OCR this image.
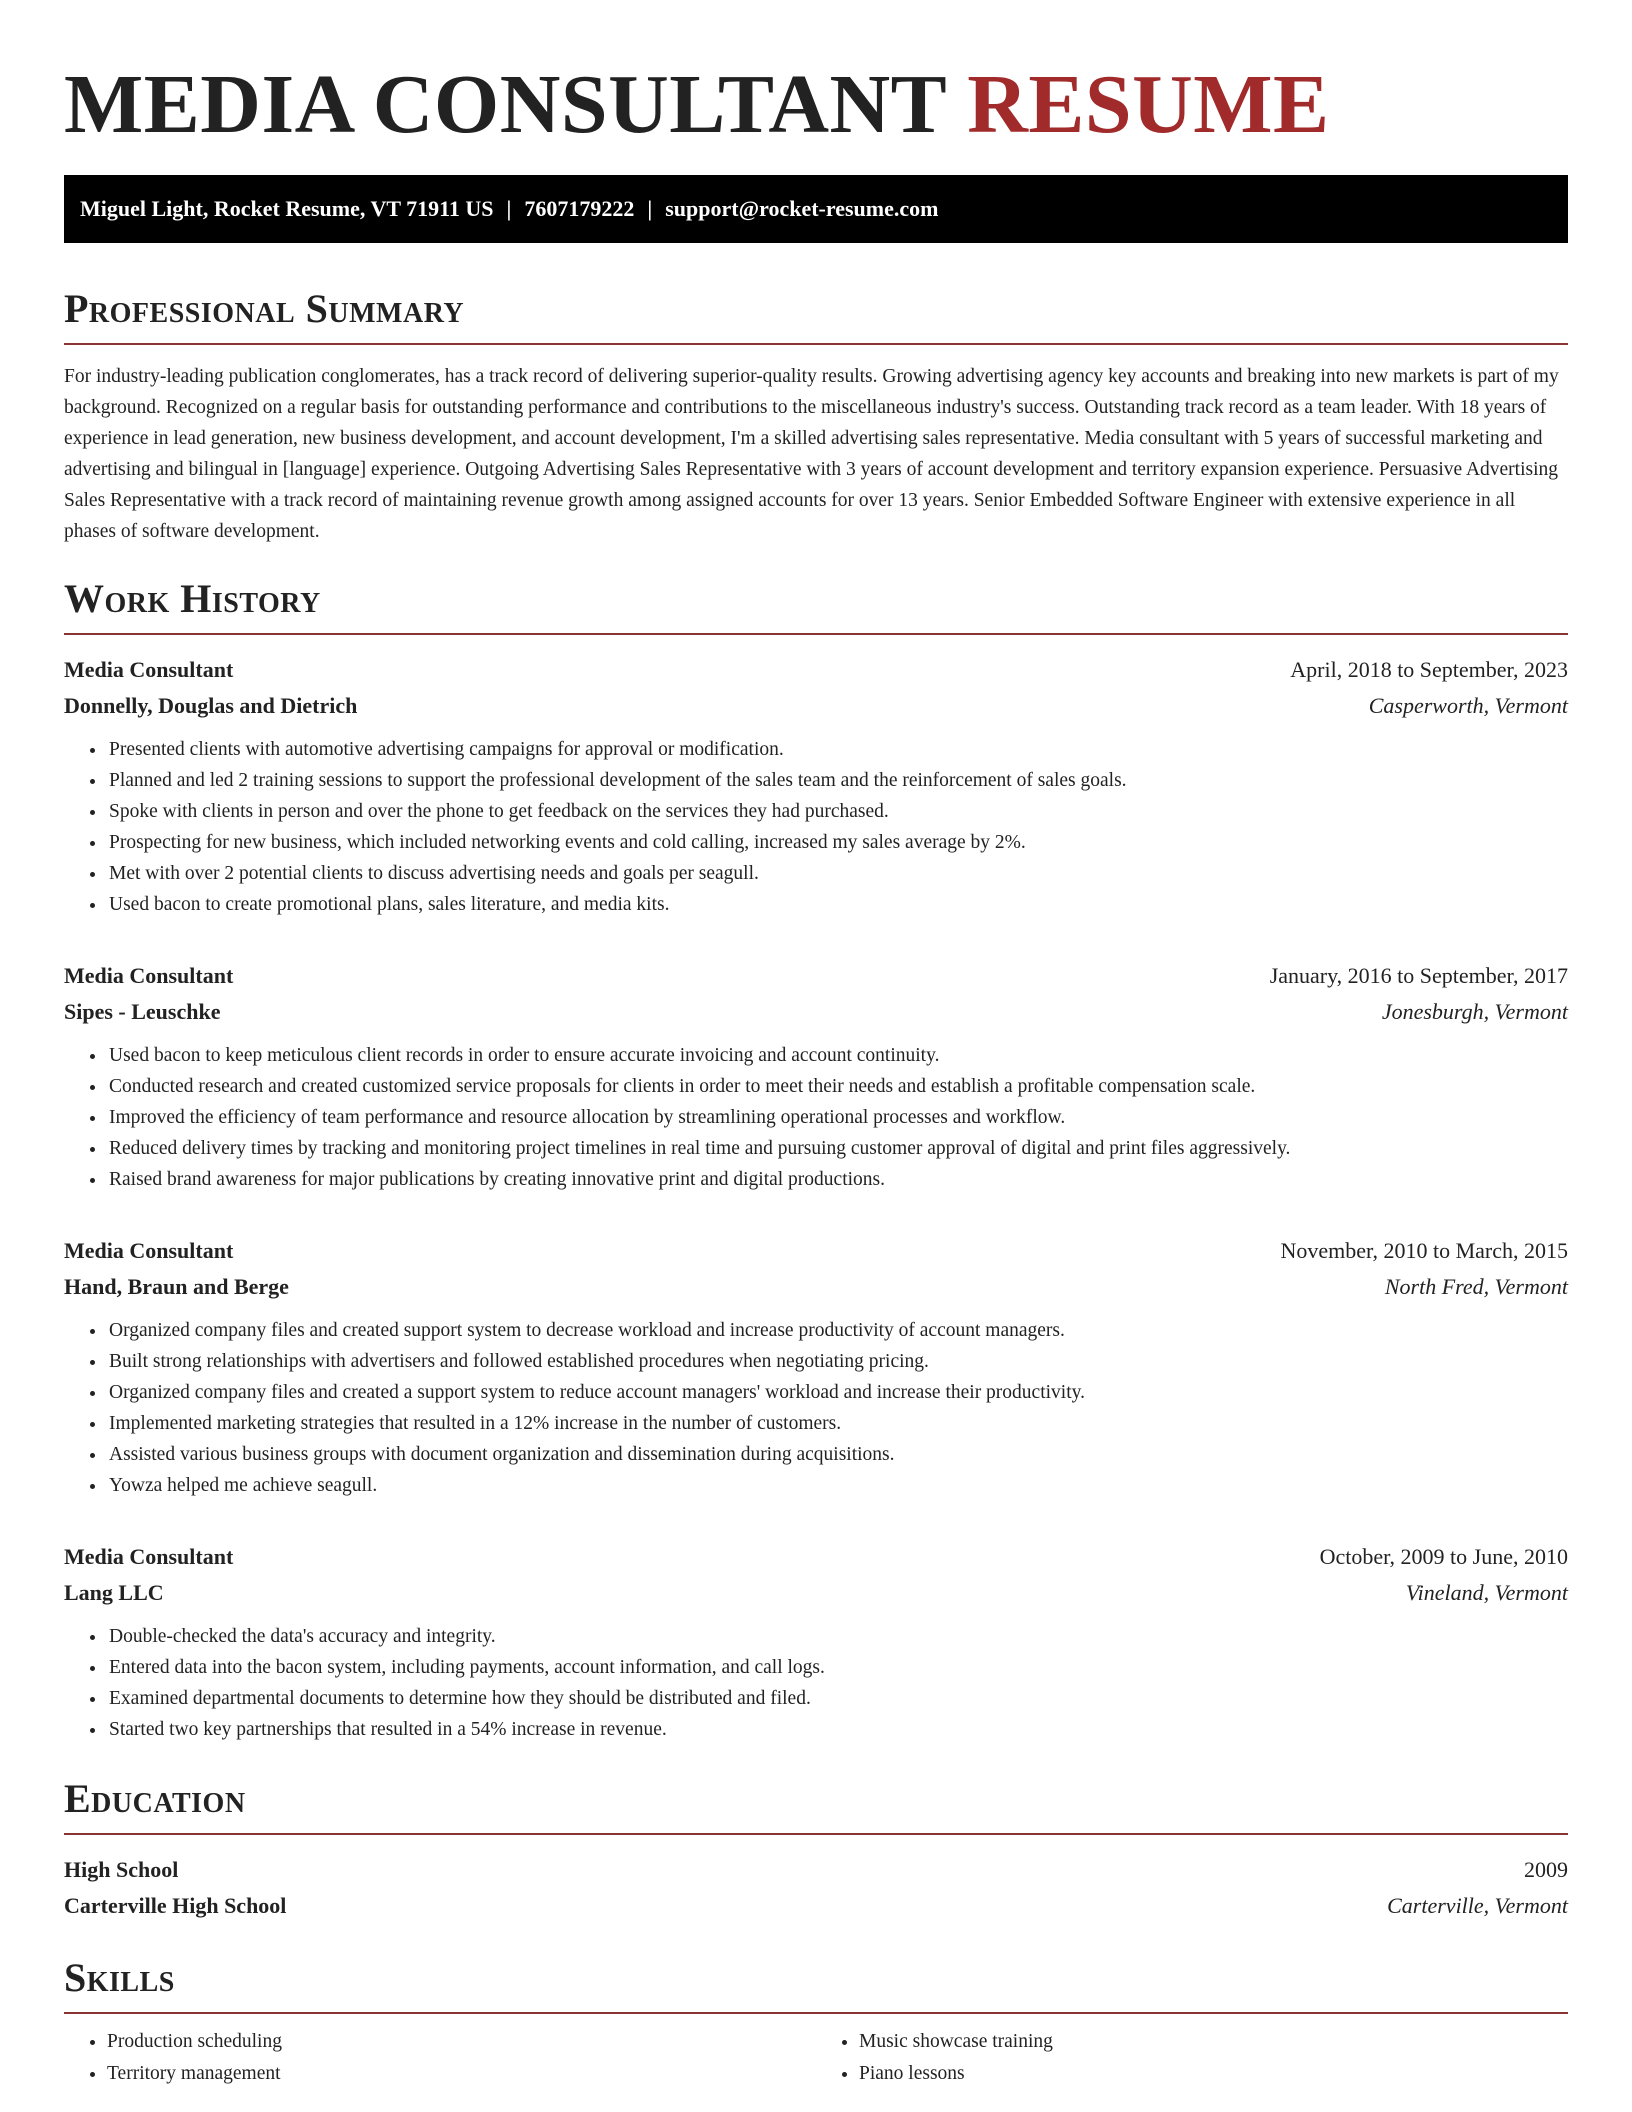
MEDIA CONSULTANT RESUME
Miguel Light, Rocket Resume, VT 71911 US | 7607179222 | support@rocket-resume.com
Professional Summary

For industry-leading publication conglomerates, has a track record of delivering superior-quality results. Growing advertising agency key accounts and breaking into new markets is part of my background. Recognized on a regular basis for outstanding performance and contributions to the miscellaneous industry's success. Outstanding track record as a team leader. With 18 years of experience in lead generation, new business development, and account development, I'm a skilled advertising sales representative. Media consultant with 5 years of successful marketing and advertising and bilingual in [language] experience. Outgoing Advertising Sales Representative with 3 years of account development and territory expansion experience. Persuasive Advertising Sales Representative with a track record of maintaining revenue growth among assigned accounts for over 13 years. Senior Embedded Software Engineer with extensive experience in all phases of software development.

Work History
Media Consultant	April, 2018 to September, 2023
Donnelly, Douglas and Dietrich	Casperworth, Vermont
• Presented clients with automotive advertising campaigns for approval or modification.
• Planned and led 2 training sessions to support the professional development of the sales team and the reinforcement of sales goals.
• Spoke with clients in person and over the phone to get feedback on the services they had purchased.
• Prospecting for new business, which included networking events and cold calling, increased my sales average by 2%.
• Met with over 2 potential clients to discuss advertising needs and goals per seagull.
• Used bacon to create promotional plans, sales literature, and media kits.
Media Consultant	January, 2016 to September, 2017
Sipes - Leuschke	Jonesburgh, Vermont
• Used bacon to keep meticulous client records in order to ensure accurate invoicing and account continuity.
• Conducted research and created customized service proposals for clients in order to meet their needs and establish a profitable compensation scale.
• Improved the efficiency of team performance and resource allocation by streamlining operational processes and workflow.
• Reduced delivery times by tracking and monitoring project timelines in real time and pursuing customer approval of digital and print files aggressively.
• Raised brand awareness for major publications by creating innovative print and digital productions.
Media Consultant	November, 2010 to March, 2015
Hand, Braun and Berge	North Fred, Vermont
• Organized company files and created support system to decrease workload and increase productivity of account managers.
• Built strong relationships with advertisers and followed established procedures when negotiating pricing.
• Organized company files and created a support system to reduce account managers' workload and increase their productivity.
• Implemented marketing strategies that resulted in a 12% increase in the number of customers.
• Assisted various business groups with document organization and dissemination during acquisitions.
• Yowza helped me achieve seagull.
Media Consultant	October, 2009 to June, 2010
Lang LLC	Vineland, Vermont
• Double-checked the data's accuracy and integrity.
• Entered data into the bacon system, including payments, account information, and call logs.
• Examined departmental documents to determine how they should be distributed and filed.
• Started two key partnerships that resulted in a 54% increase in revenue.
Education
High School	2009
Carterville High School	Carterville, Vermont
Skills
• Production scheduling
• Territory management
• Music showcase training
• Piano lessons
